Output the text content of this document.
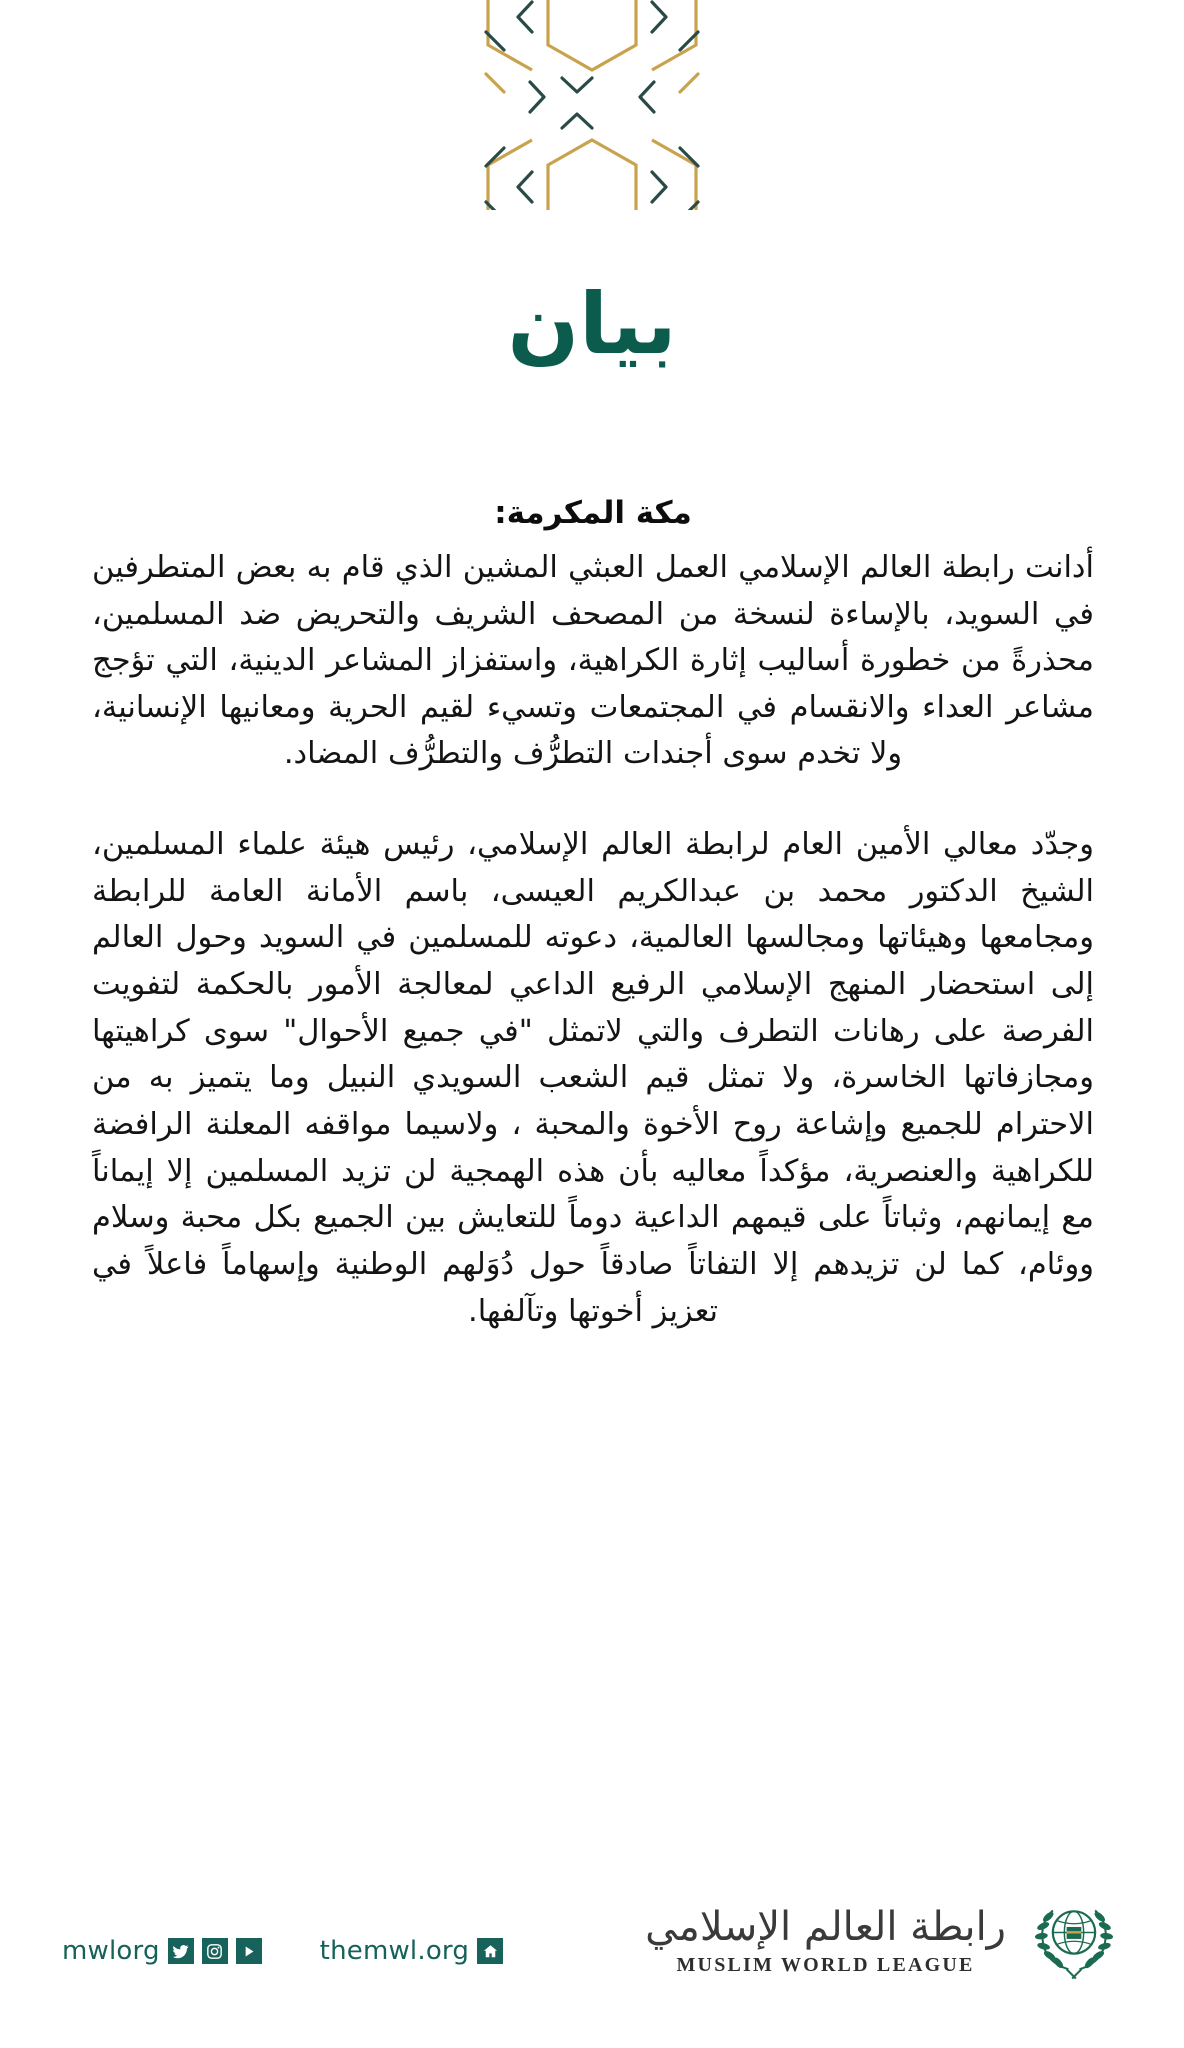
بيان

مكة المكرمة:

أدانت رابطة العالم الإسلامي العمل العبثي المشين الذي قام به بعض المتطرفين في السويد، بالإساءة لنسخة من المصحف الشريف والتحريض ضد المسلمين، محذرةً من خطورة أساليب إثارة الكراهية، واستفزاز المشاعر الدينية، التي تؤجج مشاعر العداء والانقسام في المجتمعات وتسيء لقيم الحرية ومعانيها الإنسانية، ولا تخدم سوى أجندات التطرُّف والتطرُّف المضاد.

وجدّد معالي الأمين العام لرابطة العالم الإسلامي، رئيس هيئة علماء المسلمين، الشيخ الدكتور محمد بن عبدالكريم العيسى، باسم الأمانة العامة للرابطة ومجامعها وهيئاتها ومجالسها العالمية، دعوته للمسلمين في السويد وحول العالم إلى استحضار المنهج الإسلامي الرفيع الداعي لمعالجة الأمور بالحكمة لتفويت الفرصة على رهانات التطرف والتي لاتمثل "في جميع الأحوال" سوى كراهيتها ومجازفاتها الخاسرة، ولا تمثل قيم الشعب السويدي النبيل وما يتميز به من الاحترام للجميع وإشاعة روح الأخوة والمحبة ، ولاسيما مواقفه المعلنة الرافضة للكراهية والعنصرية، مؤكداً معاليه بأن هذه الهمجية لن تزيد المسلمين إلا إيماناً مع إيمانهم، وثباتاً على قيمهم الداعية دوماً للتعايش بين الجميع بكل محبة وسلام ووئام، كما لن تزيدهم إلا التفاتاً صادقاً حول دُوَلهم الوطنية وإسهاماً فاعلاً في تعزيز أخوتها وتآلفها.

mwlorg	themwl.org
رابطة العالم الإسلامي
MUSLIM WORLD LEAGUE
